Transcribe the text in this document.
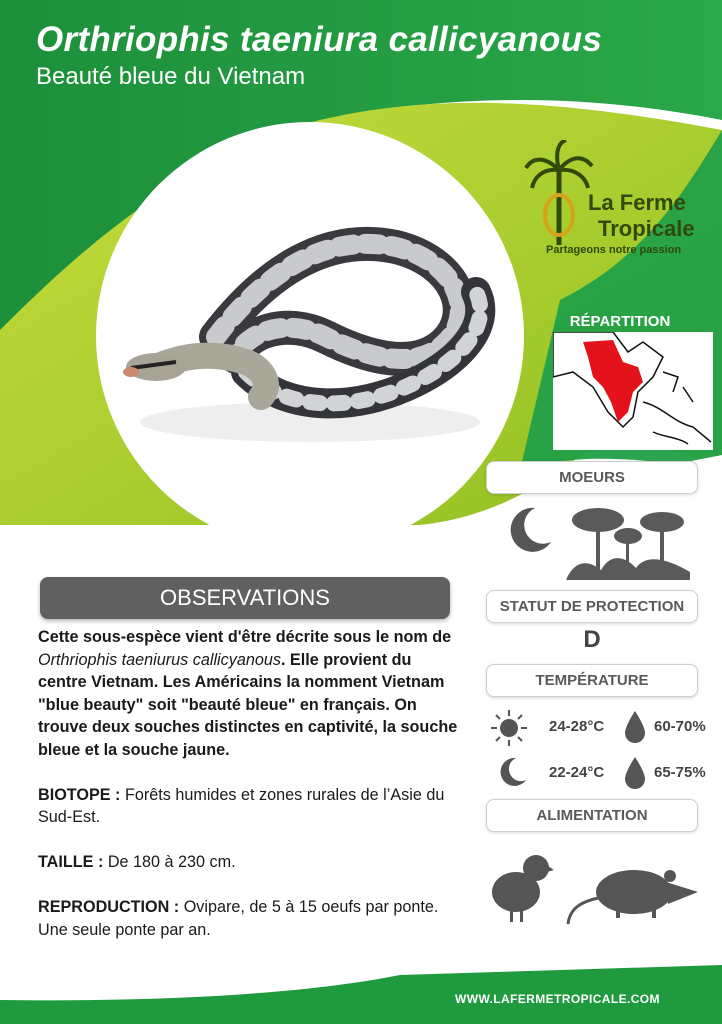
Orthriophis taeniura callicyanous
Beauté bleue du Vietnam
La Ferme
Tropicale
Partageons notre passion
RÉPARTITION
MOEURS
STATUT DE PROTECTION
D
TEMPÉRATURE
24-28°C	60-70%
22-24°C	65-75%
ALIMENTATION
OBSERVATIONS

Cette sous-espèce vient d'être décrite sous le nom de Orthriophis taeniurus callicyanous. Elle provient du centre Vietnam. Les Américains la nomment Vietnam "blue beauty" soit "beauté bleue" en français. On trouve deux souches distinctes en captivité, la souche bleue et la souche jaune.

BIOTOPE : Forêts humides et zones rurales de l’Asie du Sud-Est.

TAILLE : De 180 à 230 cm.

REPRODUCTION : Ovipare, de 5 à 15 oeufs par ponte. Une seule ponte par an.

WWW.LAFERMETROPICALE.COM
